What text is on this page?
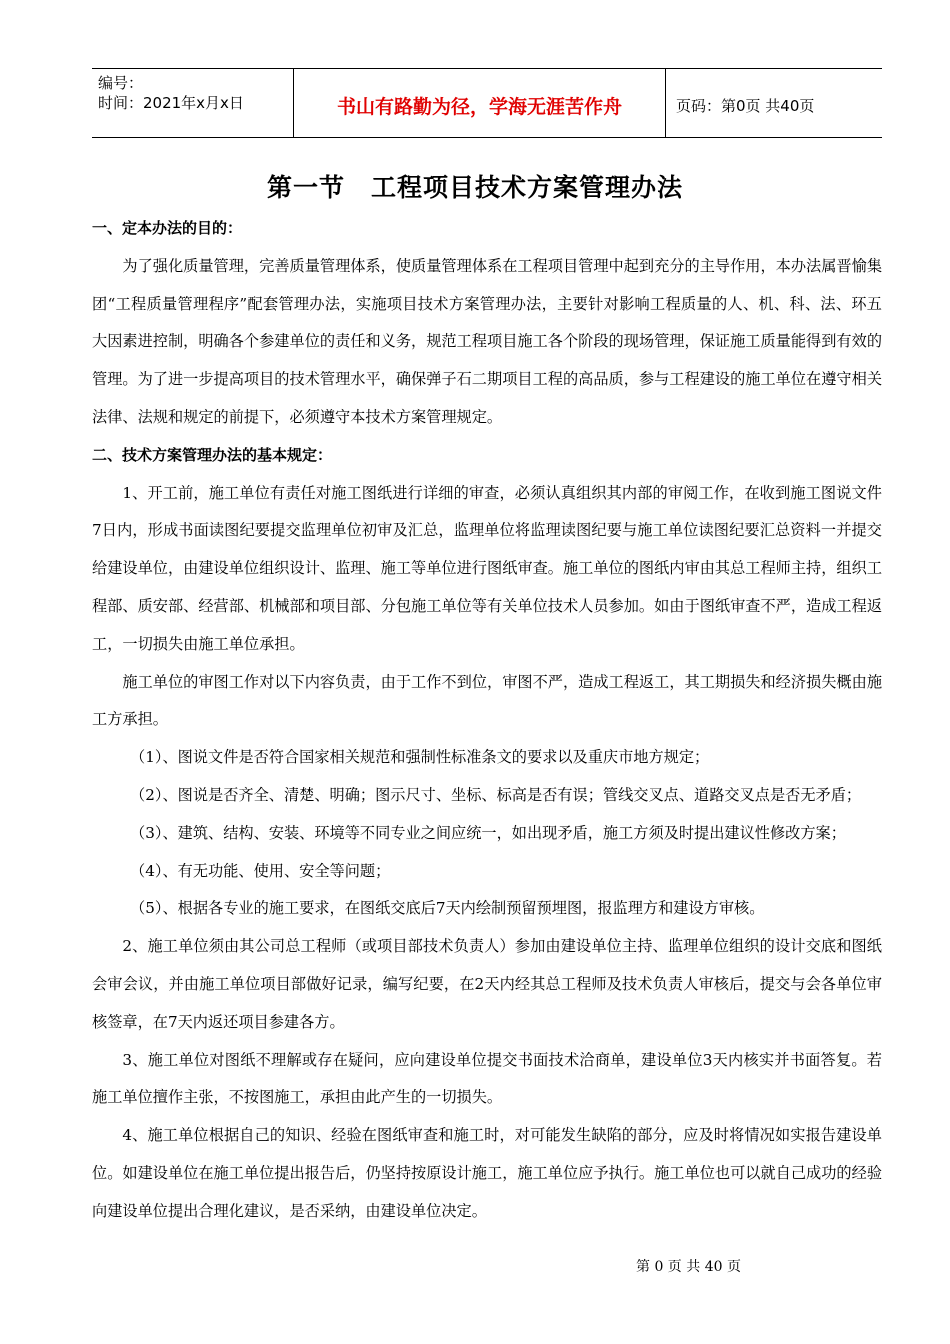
编号：
时间：2021年x月x日	书山有路勤为径，学海无涯苦作舟	页码：第0页 共40页
第一节　工程项目技术方案管理办法

一、定本办法的目的：

为了强化质量管理，完善质量管理体系，使质量管理体系在工程项目管理中起到充分的主导作用，本办法属晋愉集团“工程质量管理程序”配套管理办法，实施项目技术方案管理办法，主要针对影响工程质量的人、机、科、法、环五大因素进控制，明确各个参建单位的责任和义务，规范工程项目施工各个阶段的现场管理，保证施工质量能得到有效的管理。为了进一步提高项目的技术管理水平，确保弹子石二期项目工程的高品质，参与工程建设的施工单位在遵守相关法律、法规和规定的前提下，必须遵守本技术方案管理规定。

二、技术方案管理办法的基本规定：

1、开工前，施工单位有责任对施工图纸进行详细的审查，必须认真组织其内部的审阅工作，在收到施工图说文件7日内，形成书面读图纪要提交监理单位初审及汇总，监理单位将监理读图纪要与施工单位读图纪要汇总资料一并提交给建设单位，由建设单位组织设计、监理、施工等单位进行图纸审查。施工单位的图纸内审由其总工程师主持，组织工程部、质安部、经营部、机械部和项目部、分包施工单位等有关单位技术人员参加。如由于图纸审查不严，造成工程返工，一切损失由施工单位承担。

施工单位的审图工作对以下内容负责，由于工作不到位，审图不严，造成工程返工，其工期损失和经济损失概由施工方承担。

（1）、图说文件是否符合国家相关规范和强制性标准条文的要求以及重庆市地方规定；

（2）、图说是否齐全、清楚、明确；图示尺寸、坐标、标高是否有误；管线交叉点、道路交叉点是否无矛盾；

（3）、建筑、结构、安装、环境等不同专业之间应统一，如出现矛盾，施工方须及时提出建议性修改方案；

（4）、有无功能、使用、安全等问题；

（5）、根据各专业的施工要求，在图纸交底后7天内绘制预留预埋图，报监理方和建设方审核。

2、施工单位须由其公司总工程师（或项目部技术负责人）参加由建设单位主持、监理单位组织的设计交底和图纸会审会议，并由施工单位项目部做好记录，编写纪要，在2天内经其总工程师及技术负责人审核后，提交与会各单位审核签章，在7天内返还项目参建各方。

3、施工单位对图纸不理解或存在疑问，应向建设单位提交书面技术洽商单，建设单位3天内核实并书面答复。若施工单位擅作主张，不按图施工，承担由此产生的一切损失。

4、施工单位根据自己的知识、经验在图纸审查和施工时，对可能发生缺陷的部分，应及时将情况如实报告建设单位。如建设单位在施工单位提出报告后，仍坚持按原设计施工，施工单位应予执行。施工单位也可以就自己成功的经验向建设单位提出合理化建议，是否采纳，由建设单位决定。

第 0 页 共 40 页
